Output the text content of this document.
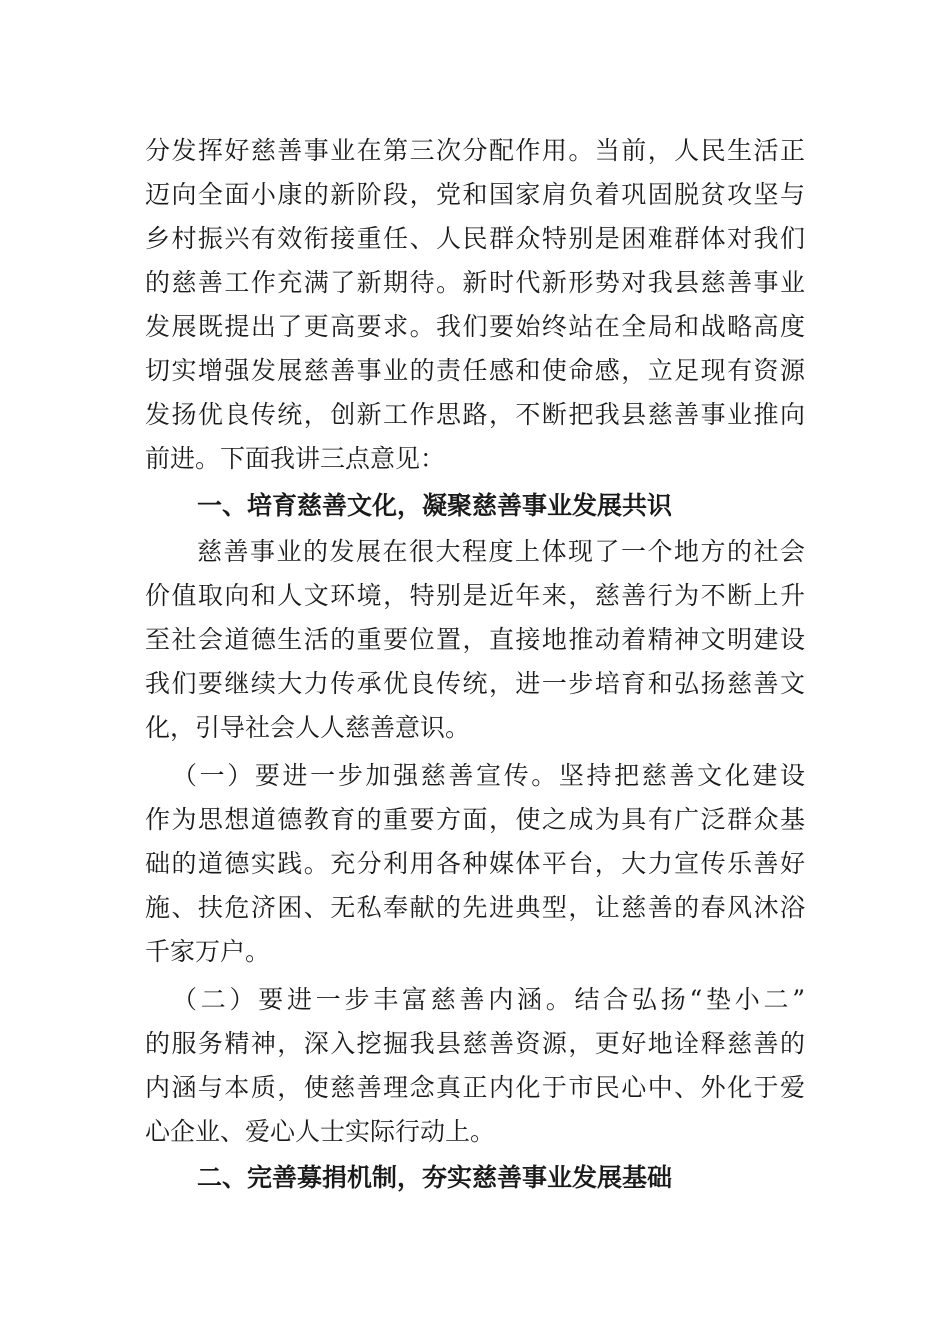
分发挥好慈善事业在第三次分配作用。当前，人民生活正
迈向全面小康的新阶段，党和国家肩负着巩固脱贫攻坚与
乡村振兴有效衔接重任、人民群众特别是困难群体对我们
的慈善工作充满了新期待。新时代新形势对我县慈善事业
发展既提出了更高要求。我们要始终站在全局和战略高度
切实增强发展慈善事业的责任感和使命感，立足现有资源
发扬优良传统，创新工作思路，不断把我县慈善事业推向
前进。下面我讲三点意见：
一、培育慈善文化，凝聚慈善事业发展共识
慈善事业的发展在很大程度上体现了一个地方的社会
价值取向和人文环境，特别是近年来，慈善行为不断上升
至社会道德生活的重要位置，直接地推动着精神文明建设
我们要继续大力传承优良传统，进一步培育和弘扬慈善文
化，引导社会人人慈善意识。
（一）要进一步加强慈善宣传。坚持把慈善文化建设
作为思想道德教育的重要方面，使之成为具有广泛群众基
础的道德实践。充分利用各种媒体平台，大力宣传乐善好
施、扶危济困、无私奉献的先进典型，让慈善的春风沐浴
千家万户。
（二）要进一步丰富慈善内涵。结合弘扬“垫小二”
的服务精神，深入挖掘我县慈善资源，更好地诠释慈善的
内涵与本质，使慈善理念真正内化于市民心中、外化于爱
心企业、爱心人士实际行动上。
二、完善募捐机制，夯实慈善事业发展基础
